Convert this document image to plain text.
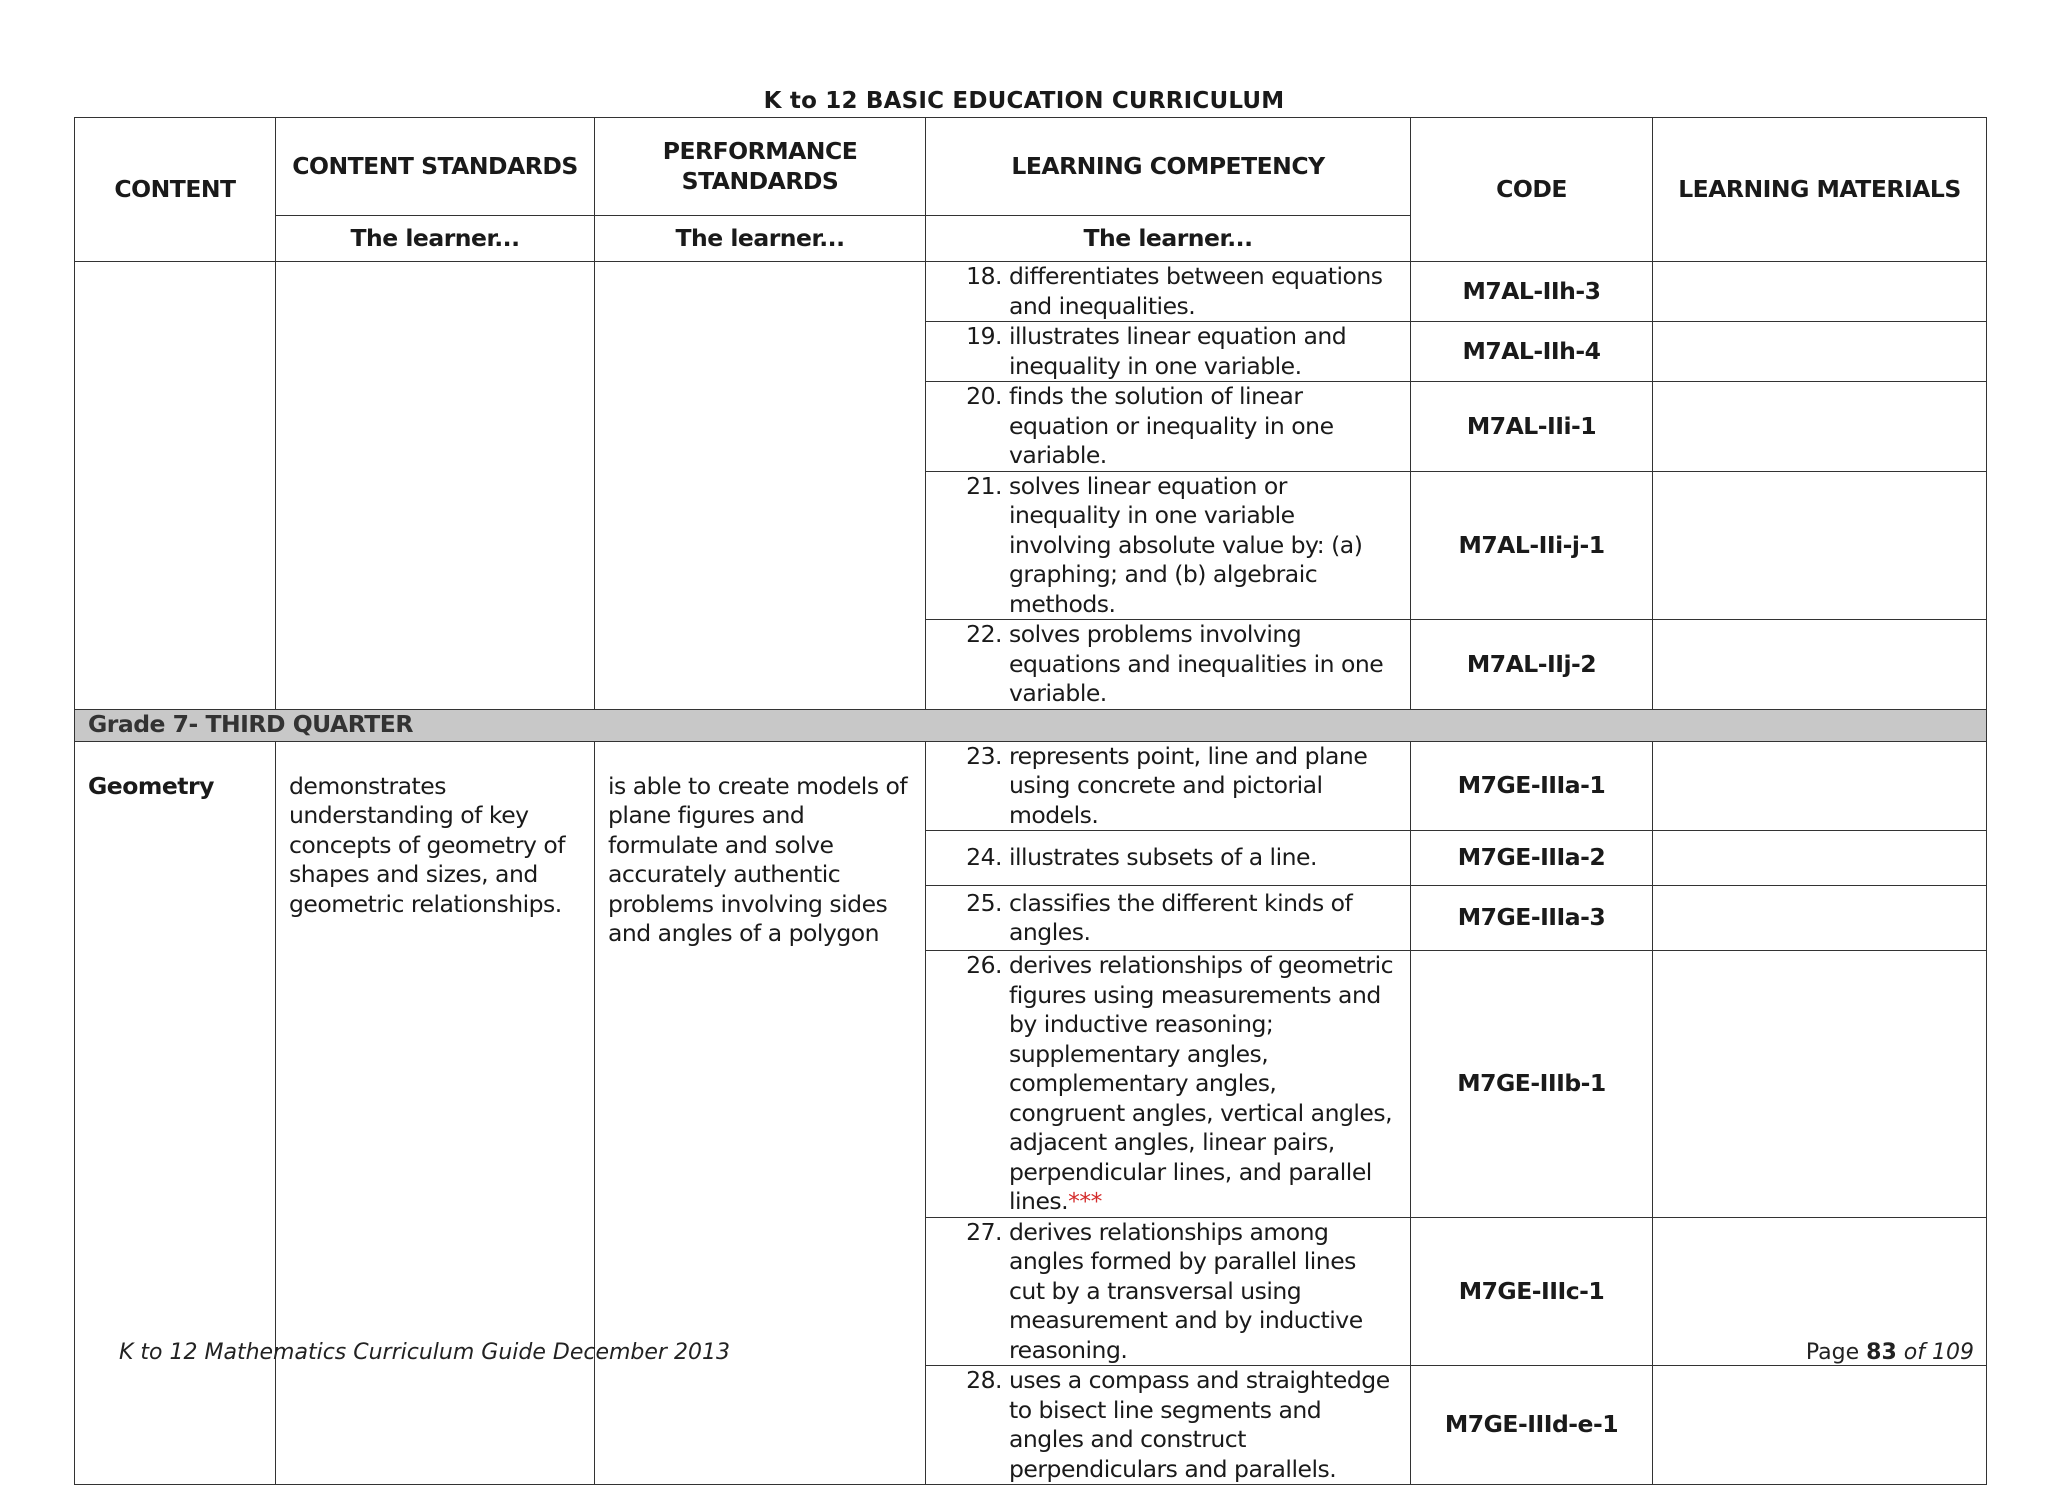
K to 12 BASIC EDUCATION CURRICULUM
CONTENT	CONTENT STANDARDS	PERFORMANCE STANDARDS	LEARNING COMPETENCY	CODE	LEARNING MATERIALS
	The learner...	The learner...	The learner...		

			18. differentiates between equations and inequalities.	M7AL-IIh-3	

			19. illustrates linear equation and inequality in one variable.	M7AL-IIh-4	

			20. finds the solution of linear equation or inequality in one variable.	M7AL-IIi-1	

			21. solves linear equation or inequality in one variable involving absolute value by: (a) graphing; and (b) algebraic methods.	M7AL-IIi-j-1	

			22. solves problems involving equations and inequalities in one variable.	M7AL-IIj-2	
Grade 7- THIRD QUARTER					

Geometry	demonstrates understanding of key concepts of geometry of shapes and sizes, and geometric relationships.	is able to create models of plane figures and formulate and solve accurately authentic problems involving sides and angles of a polygon	23. represents point, line and plane using concrete and pictorial models.	M7GE-IIIa-1	

			24. illustrates subsets of a line.	M7GE-IIIa-2	

			25. classifies the different kinds of angles.	M7GE-IIIa-3	

			26. derives relationships of geometric figures using measurements and by inductive reasoning; supplementary angles, complementary angles, congruent angles, vertical angles, adjacent angles, linear pairs, perpendicular lines, and parallel lines.***	M7GE-IIIb-1	

			27. derives relationships among angles formed by parallel lines cut by a transversal using measurement and by inductive reasoning.	M7GE-IIIc-1	

			28. uses a compass and straightedge to bisect line segments and angles and construct perpendiculars and parallels.	M7GE-IIId-e-1	
K to 12 Mathematics Curriculum Guide December 2013	Page 83 of 109
